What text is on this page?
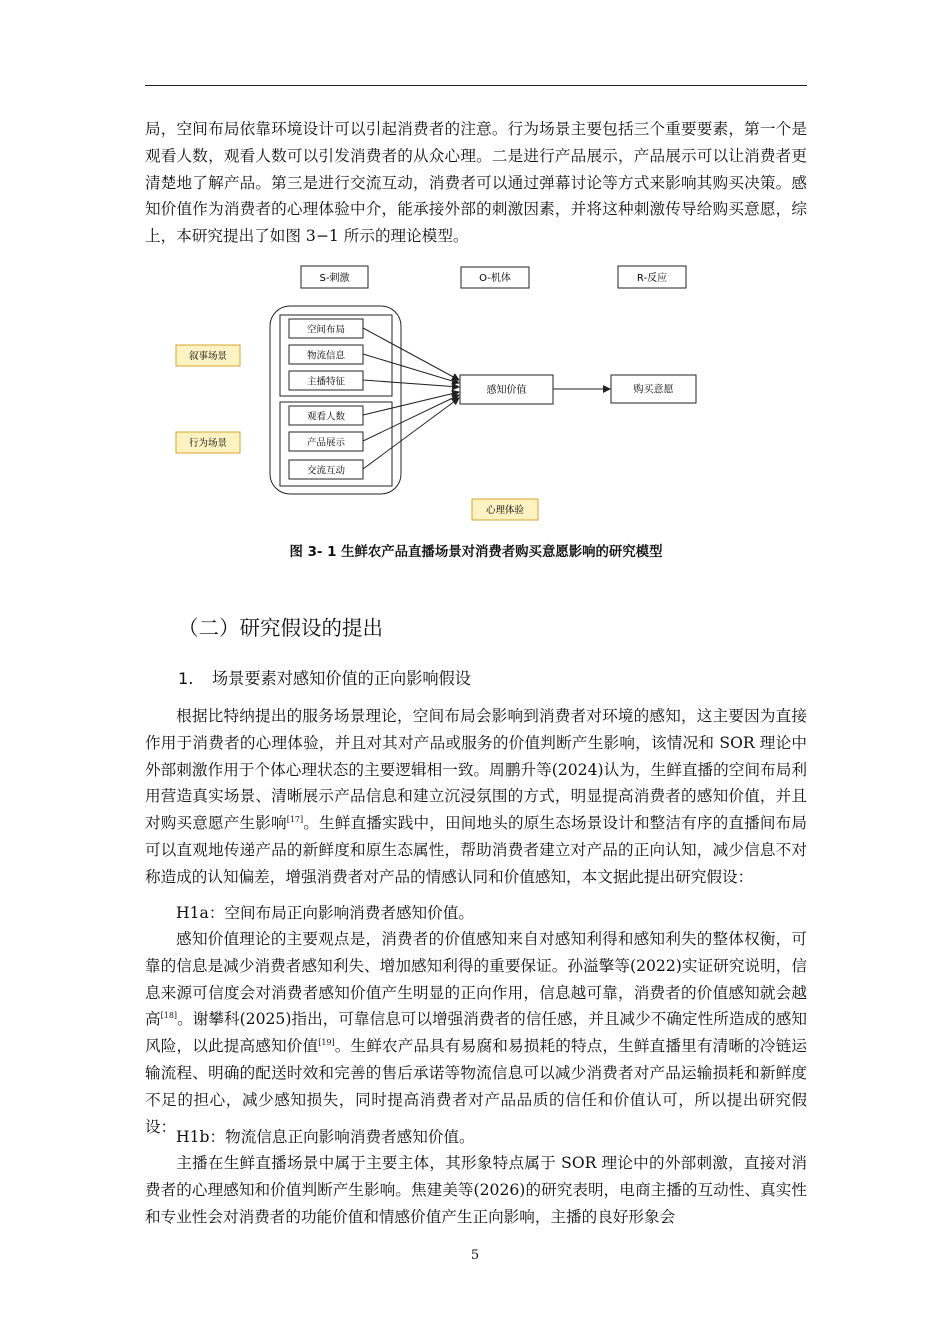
局，空间布局依靠环境设计可以引起消费者的注意。行为场景主要包括三个重要要素，第一个是观看人数，观看人数可以引发消费者的从众心理。二是进行产品展示，产品展示可以让消费者更清楚地了解产品。第三是进行交流互动，消费者可以通过弹幕讨论等方式来影响其购买决策。感知价值作为消费者的心理体验中介，能承接外部的刺激因素，并将这种刺激传导给购买意愿，综上，本研究提出了如图 3−1 所示的理论模型。

S-刺激	O-机体	R-反应
叙事场景
行为场景
心理体验
空间布局
物流信息
主播特征
观看人数
产品展示
交流互动
感知价值	购买意愿
图 3- 1 生鲜农产品直播场景对消费者购买意愿影响的研究模型
（二）研究假设的提出
1. 场景要素对感知价值的正向影响假设

根据比特纳提出的服务场景理论，空间布局会影响到消费者对环境的感知，这主要因为直接作用于消费者的心理体验，并且对其对产品或服务的价值判断产生影响，该情况和 SOR 理论中外部刺激作用于个体心理状态的主要逻辑相一致。周鹏升等(2024)认为，生鲜直播的空间布局利用营造真实场景、清晰展示产品信息和建立沉浸氛围的方式，明显提高消费者的感知价值，并且对购买意愿产生影响[17]。生鲜直播实践中，田间地头的原生态场景设计和整洁有序的直播间布局可以直观地传递产品的新鲜度和原生态属性，帮助消费者建立对产品的正向认知，减少信息不对称造成的认知偏差，增强消费者对产品的情感认同和价值感知，本文据此提出研究假设：

H1a：空间布局正向影响消费者感知价值。

感知价值理论的主要观点是，消费者的价值感知来自对感知利得和感知利失的整体权衡，可靠的信息是减少消费者感知利失、增加感知利得的重要保证。孙溢擎等(2022)实证研究说明，信息来源可信度会对消费者感知价值产生明显的正向作用，信息越可靠，消费者的价值感知就会越高[18]。谢攀科(2025)指出，可靠信息可以增强消费者的信任感，并且减少不确定性所造成的感知风险，以此提高感知价值[19]。生鲜农产品具有易腐和易损耗的特点，生鲜直播里有清晰的冷链运输流程、明确的配送时效和完善的售后承诺等物流信息可以减少消费者对产品运输损耗和新鲜度不足的担心，减少感知损失，同时提高消费者对产品品质的信任和价值认可，所以提出研究假设：

H1b：物流信息正向影响消费者感知价值。

主播在生鲜直播场景中属于主要主体，其形象特点属于 SOR 理论中的外部刺激，直接对消费者的心理感知和价值判断产生影响。焦建美等(2026)的研究表明，电商主播的互动性、真实性和专业性会对消费者的功能价值和情感价值产生正向影响，主播的良好形象会

5
